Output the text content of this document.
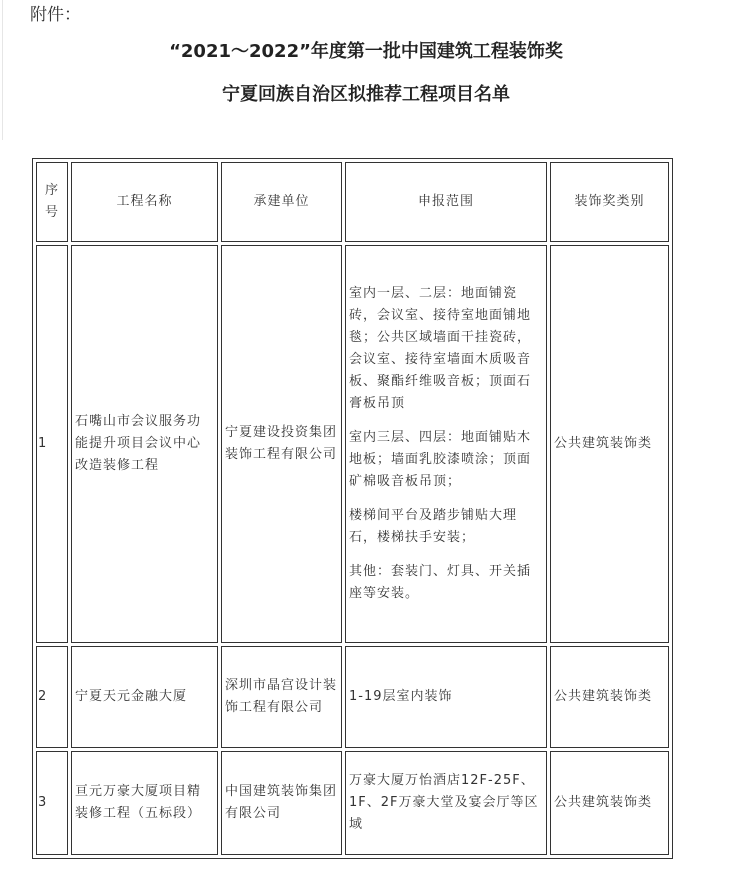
附件：
“2021～2022”年度第一批中国建筑工程装饰奖
宁夏回族自治区拟推荐工程项目名单
序号	工程名称	承建单位	申报范围	装饰奖类别
1	石嘴山市会议服务功能提升项目会议中心改造装修工程	宁夏建设投资集团装饰工程有限公司	室内一层、二层：地面铺瓷砖，会议室、接待室地面铺地毯；公共区域墙面干挂瓷砖，会议室、接待室墙面木质吸音板、聚酯纤维吸音板；顶面石膏板吊顶
室内三层、四层：地面铺贴木地板；墙面乳胶漆喷涂；顶面矿棉吸音板吊顶；
楼梯间平台及踏步铺贴大理石，楼梯扶手安装；
其他：套装门、灯具、开关插座等安装。	公共建筑装饰类
2	宁夏天元金融大厦	深圳市晶宫设计装饰工程有限公司	1-19层室内装饰	公共建筑装饰类
3	亘元万豪大厦项目精装修工程（五标段）	中国建筑装饰集团有限公司	万豪大厦万怡酒店12F-25F、1F、2F万豪大堂及宴会厅等区域	公共建筑装饰类
